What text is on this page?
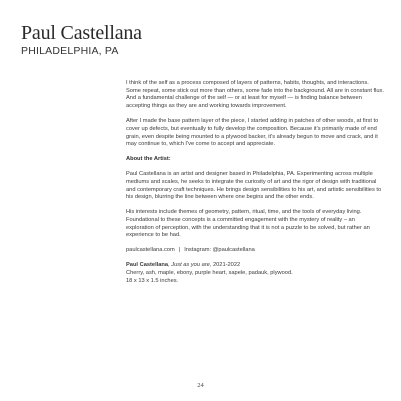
Paul Castellana
PHILADELPHIA, PA

I think of the self as a process composed of layers of patterns, habits, thoughts, and interactions. Some repeat, some stick out more than others, some fade into the background. All are in constant flux. And a fundamental challenge of the self — or at least for myself — is finding balance between accepting things as they are and working towards improvement.

After I made the base pattern layer of the piece, I started adding in patches of other woods, at first to cover up defects, but eventually to fully develop the composition. Because it's primarily made of end grain, even despite being mounted to a plywood backer, it's already begun to move and crack, and it may continue to, which I've come to accept and appreciate.

About the Artist:

Paul Castellana is an artist and designer based in Philadelphia, PA. Experimenting across multiple mediums and scales, he seeks to integrate the curiosity of art and the rigor of design with traditional and contemporary craft techniques. He brings design sensibilities to his art, and artistic sensibilities to his design, blurring the line between where one begins and the other ends.

His interests include themes of geometry, pattern, ritual, time, and the tools of everyday living. Foundational to these concepts is a committed engagement with the mystery of reality – an exploration of perception, with the understanding that it is not a puzzle to be solved, but rather an experience to be had.

paulcastellana.com | Instagram: @paulcastellana

Paul Castellana, Just as you are, 2021-2022
Cherry, ash, maple, ebony, purple heart, sapele, padauk, plywood.
18 x 13 x 1.5 inches.
24
